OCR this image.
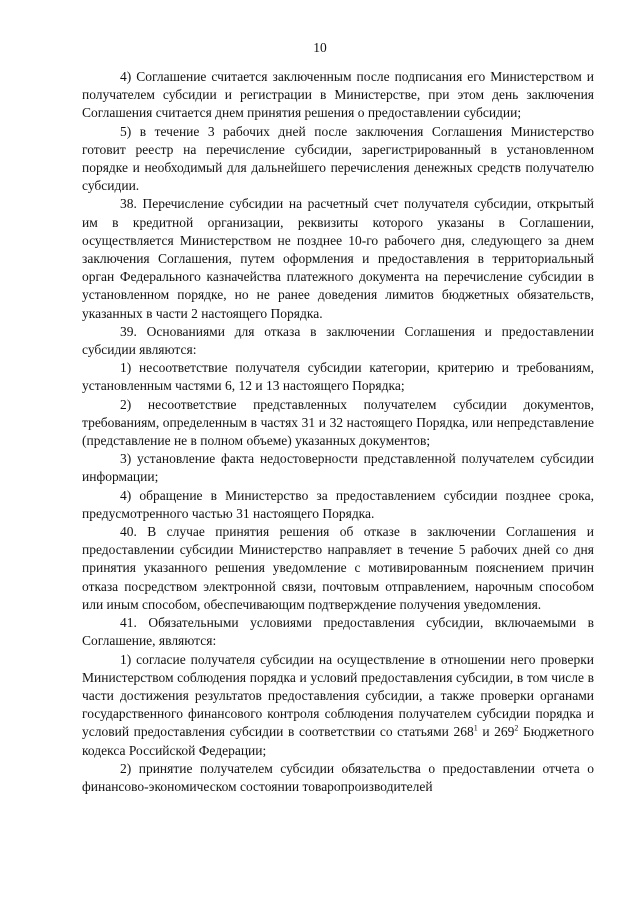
10

4) Соглашение считается заключенным после подписания его Министерством и получателем субсидии и регистрации в Министерстве, при этом день заключения Соглашения считается днем принятия решения о предоставлении субсидии;

5) в течение 3 рабочих дней после заключения Соглашения Министерство готовит реестр на перечисление субсидии, зарегистрированный в установленном порядке и необходимый для дальнейшего перечисления денежных средств получателю субсидии.

38. Перечисление субсидии на расчетный счет получателя субсидии, открытый им в кредитной организации, реквизиты которого указаны в Соглашении, осуществляется Министерством не позднее 10-го рабочего дня, следующего за днем заключения Соглашения, путем оформления и предоставления в территориальный орган Федерального казначейства платежного документа на перечисление субсидии в установленном порядке, но не ранее доведения лимитов бюджетных обязательств, указанных в части 2 настоящего Порядка.

39. Основаниями для отказа в заключении Соглашения и предоставлении субсидии являются:

1) несоответствие получателя субсидии категории, критерию и требованиям, установленным частями 6, 12 и 13 настоящего Порядка;

2) несоответствие представленных получателем субсидии документов, требованиям, определенным в частях 31 и 32 настоящего Порядка, или непредставление (представление не в полном объеме) указанных документов;

3) установление факта недостоверности представленной получателем субсидии информации;

4) обращение в Министерство за предоставлением субсидии позднее срока, предусмотренного частью 31 настоящего Порядка.

40. В случае принятия решения об отказе в заключении Соглашения и предоставлении субсидии Министерство направляет в течение 5 рабочих дней со дня принятия указанного решения уведомление с мотивированным пояснением причин отказа посредством электронной связи, почтовым отправлением, нарочным способом или иным способом, обеспечивающим подтверждение получения уведомления.

41. Обязательными условиями предоставления субсидии, включаемыми в Соглашение, являются:

1) согласие получателя субсидии на осуществление в отношении него проверки Министерством соблюдения порядка и условий предоставления субсидии, в том числе в части достижения результатов предоставления субсидии, а также проверки органами государственного финансового контроля соблюдения получателем субсидии порядка и условий предоставления субсидии в соответствии со статьями $268^1$ и $269^2$ Бюджетного кодекса Российской Федерации;

2) принятие получателем субсидии обязательства о предоставлении отчета о финансово-экономическом состоянии товаропроизводителей
